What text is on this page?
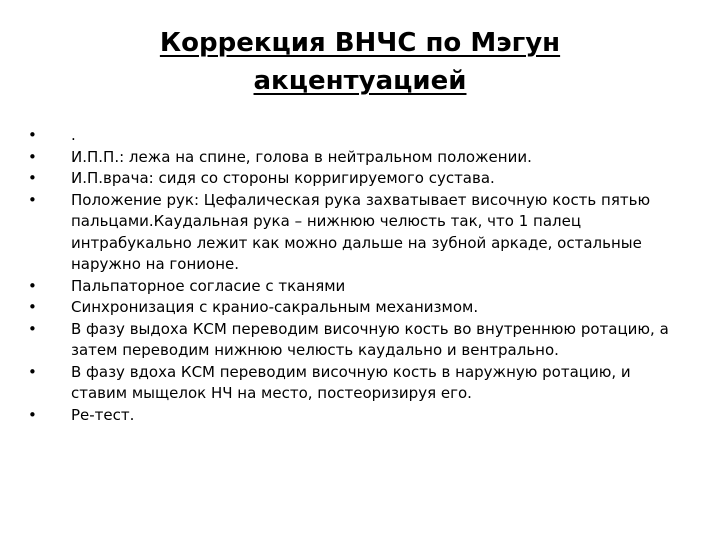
Коррекция ВНЧС по Мэгун
акцентуацией
• .
• И.П.П.: лежа на спине, голова в нейтральном положении.
• И.П.врача: сидя со стороны корригируемого сустава.
• Положение рук: Цефалическая рука захватывает височную кость пятью пальцами.Каудальная рука – нижнюю челюсть так, что 1 палец интрабукально лежит как можно дальше на зубной аркаде, остальные наружно на гонионе.
• Пальпаторное согласие с тканями
• Синхронизация с кранио-сакральным механизмом.
• В фазу выдоха КСМ переводим височную кость во внутреннюю ротацию, а затем переводим нижнюю челюсть каудально и вентрально.
• В фазу вдоха КСМ переводим височную кость в наружную ротацию, и ставим мыщелок НЧ на место, постеоризируя его.
• Ре-тест.
